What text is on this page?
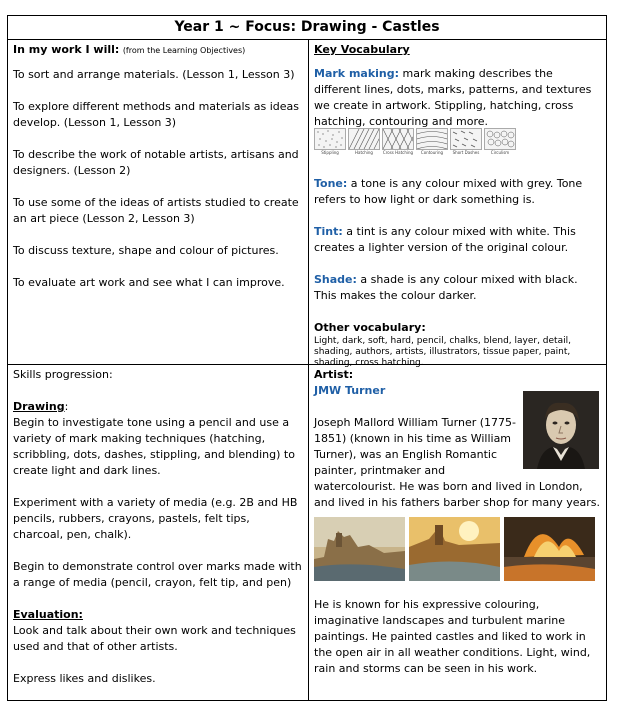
Year 1 ~ Focus: Drawing - Castles

In my work I will: (from the Learning Objectives)

To sort and arrange materials. (Lesson 1, Lesson 3)

To explore different methods and materials as ideas develop. (Lesson 1, Lesson 3)

To describe the work of notable artists, artisans and designers. (Lesson 2)

To use some of the ideas of artists studied to create an art piece (Lesson 2, Lesson 3)

To discuss texture, shape and colour of pictures.

To evaluate art work and see what I can improve.

Key Vocabulary

Mark making: mark making describes the different lines, dots, marks, patterns, and textures we create in artwork. Stippling, hatching, cross hatching, contouring and more.

Stippling	Hatching Cross Hatching Contouring Short Dashes	Circulism

Tone: a tone is any colour mixed with grey. Tone refers to how light or dark something is.

Tint: a tint is any colour mixed with white. This creates a lighter version of the original colour.

Shade: a shade is any colour mixed with black. This makes the colour darker.

Other vocabulary:

Light, dark, soft, hard, pencil, chalks, blend, layer, detail, shading, authors, artists, illustrators, tissue paper, paint, shading, cross hatching.

Skills progression:

Drawing:

Begin to investigate tone using a pencil and use a variety of mark making techniques (hatching, scribbling, dots, dashes, stippling, and blending) to create light and dark lines.

Experiment with a variety of media (e.g. 2B and HB pencils, rubbers, crayons, pastels, felt tips, charcoal, pen, chalk).

Begin to demonstrate control over marks made with a range of media (pencil, crayon, felt tip, and pen)

Evaluation:

Look and talk about their own work and techniques used and that of other artists.

Express likes and dislikes.

Artist:

JMW Turner

Joseph Mallord William Turner (1775-1851) (known in his time as William Turner), was an English Romantic painter, printmaker and watercolourist. He was born and lived in London, and lived in his fathers barber shop for many years.

He is known for his expressive colouring, imaginative landscapes and turbulent marine paintings. He painted castles and liked to work in the open air in all weather conditions. Light, wind, rain and storms can be seen in his work.
